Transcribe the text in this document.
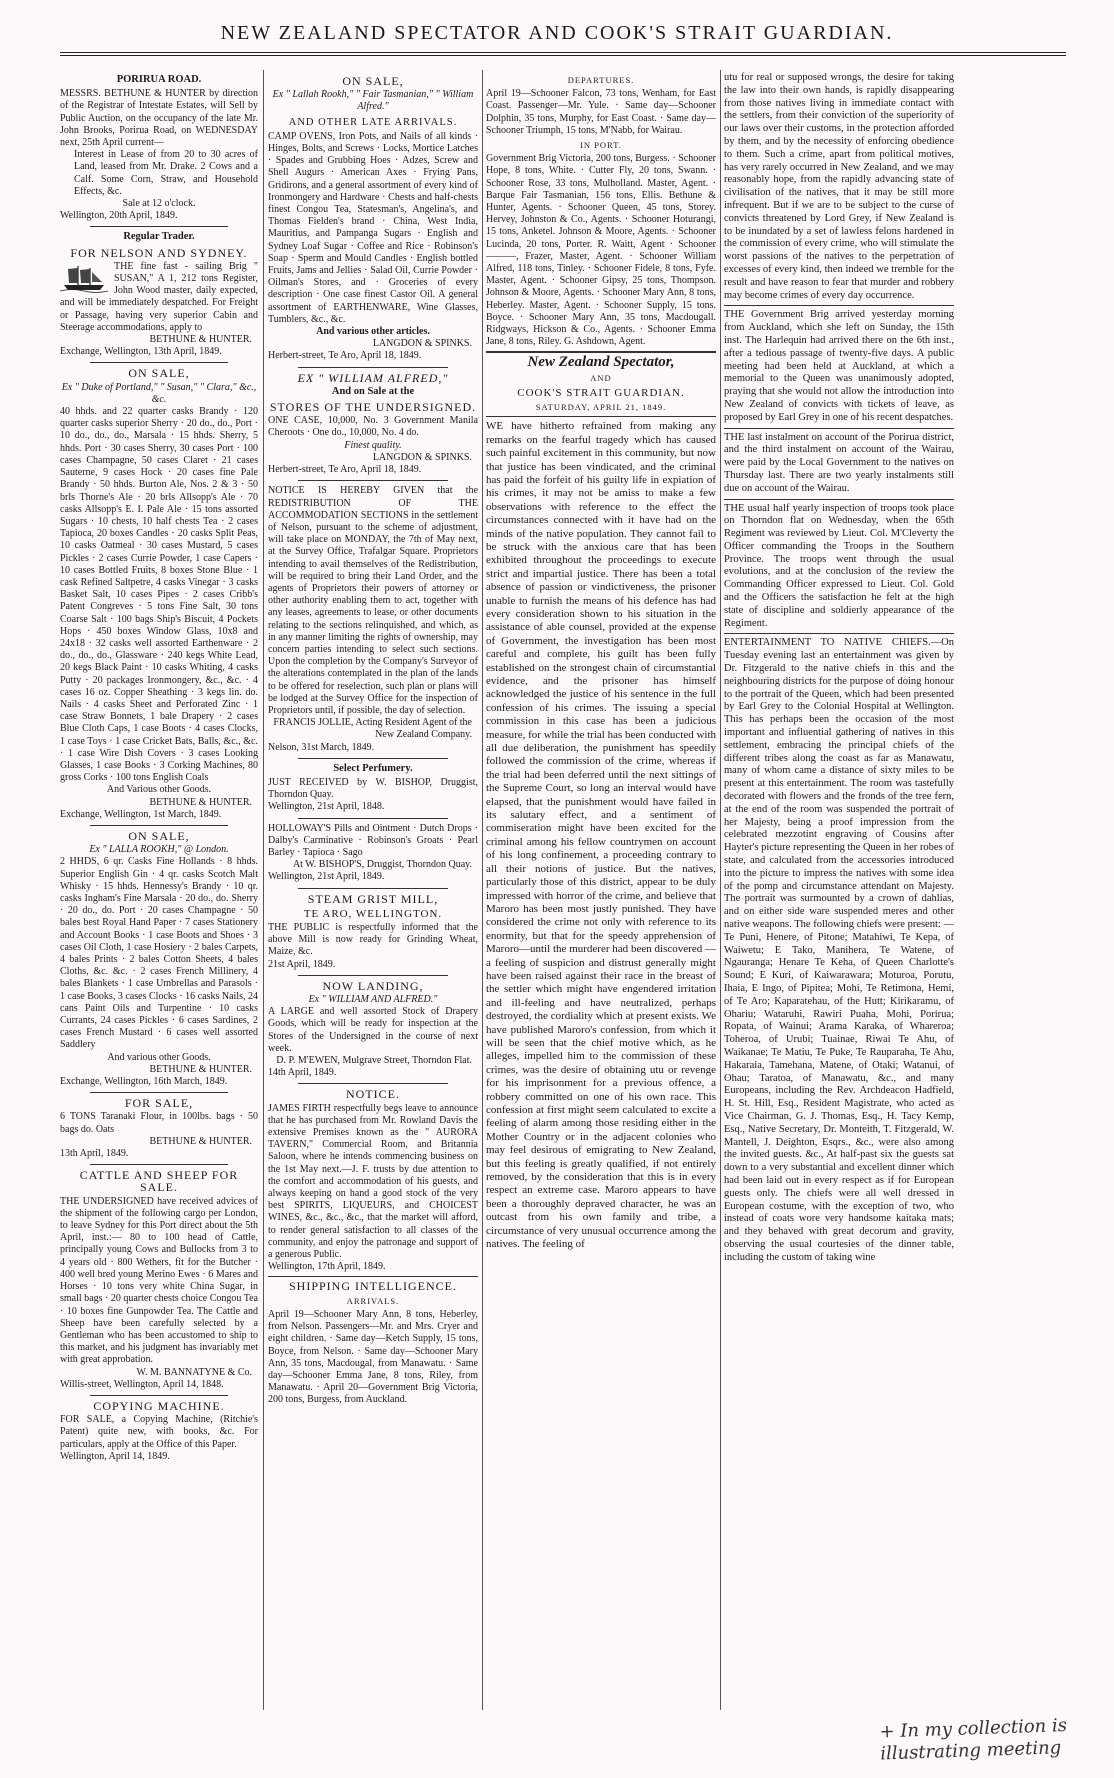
NEW ZEALAND SPECTATOR AND COOK'S STRAIT GUARDIAN.
PORIRUA ROAD.

MESSRS. BETHUNE & HUNTER by direction of the Registrar of Intestate Estates, will Sell by Public Auction, on the occupancy of the late Mr. John Brooks, Porirua Road, on WEDNESDAY next, 25th April current—

Interest in Lease of from 20 to 30 acres of Land, leased from Mr. Drake. 2 Cows and a Calf. Some Corn, Straw, and Household Effects, &c.

Sale at 12 o'clock.

Wellington, 20th April, 1849.

Regular Trader.
FOR NELSON AND SYDNEY.

THE fine fast - sailing Brig " SUSAN," A 1, 212 tons Register, John Wood master, daily expected, and will be immediately despatched. For Freight or Passage, having very superior Cabin and Steerage accommodations, apply to

BETHUNE & HUNTER.

Exchange, Wellington, 13th April, 1849.

ON SALE,

Ex " Duke of Portland," " Susan," " Clara," &c., &c.

40 hhds. and 22 quarter casks Brandy · 120 quarter casks superior Sherry · 20 do., do., Port · 10 do., do., do., Marsala · 15 hhds. Sherry, 5 hhds. Port · 30 cases Sherry, 30 cases Port · 100 cases Champagne, 50 cases Claret · 21 cases Sauterne, 9 cases Hock · 20 cases fine Pale Brandy · 50 hhds. Burton Ale, Nos. 2 & 3 · 50 brls Thorne's Ale · 20 brls Allsopp's Ale · 70 casks Allsopp's E. I. Pale Ale · 15 tons assorted Sugars · 10 chests, 10 half chests Tea · 2 cases Tapioca, 20 boxes Candles · 20 casks Split Peas, 10 casks Oatmeal · 30 cases Mustard, 5 cases Pickles · 2 cases Currie Powder, 1 case Capers · 10 cases Bottled Fruits, 8 boxes Stone Blue · 1 cask Refined Saltpetre, 4 casks Vinegar · 3 casks Basket Salt, 10 cases Pipes · 2 cases Cribb's Patent Congreves · 5 tons Fine Salt, 30 tons Coarse Salt · 100 bags Ship's Biscuit, 4 Pockets Hops · 450 boxes Window Glass, 10x8 and 24x18 · 32 casks well assorted Earthenware · 2 do., do., do., Glassware · 240 kegs White Lead, 20 kegs Black Paint · 10 casks Whiting, 4 casks Putty · 20 packages Ironmongery, &c., &c. · 4 cases 16 oz. Copper Sheathing · 3 kegs lin. do. Nails · 4 casks Sheet and Perforated Zinc · 1 case Straw Bonnets, 1 bale Drapery · 2 cases Blue Cloth Caps, 1 case Boots · 4 cases Clocks, 1 case Toys · 1 case Cricket Bats, Balls, &c., &c. · 1 case Wire Dish Covers · 3 cases Looking Glasses, 1 case Books · 3 Corking Machines, 80 gross Corks · 100 tons English Coals

And Various other Goods.

BETHUNE & HUNTER.

Exchange, Wellington, 1st March, 1849.

ON SALE,

Ex " LALLA ROOKH," @ London.

2 HHDS, 6 qr. Casks Fine Hollands · 8 hhds. Superior English Gin · 4 qr. casks Scotch Malt Whisky · 15 hhds. Hennessy's Brandy · 10 qr. casks Ingham's Fine Marsala · 20 do., do. Sherry · 20 do., do. Port · 20 cases Champagne · 50 bales best Royal Hand Paper · 7 cases Stationery and Account Books · 1 case Boots and Shoes · 3 cases Oil Cloth, 1 case Hosiery · 2 bales Carpets, 4 bales Prints · 2 bales Cotton Sheets, 4 bales Cloths, &c. &c. · 2 cases French Millinery, 4 bales Blankets · 1 case Umbrellas and Parasols · 1 case Books, 3 cases Clocks · 16 casks Nails, 24 cans Paint Oils and Turpentine · 10 casks Currants, 24 cases Pickles · 6 cases Sardines, 2 cases French Mustard · 6 cases well assorted Saddlery

And various other Goods.

BETHUNE & HUNTER.

Exchange, Wellington, 16th March, 1849.

FOR SALE,

6 TONS Taranaki Flour, in 100lbs. bags · 50 bags do. Oats

BETHUNE & HUNTER.

13th April, 1849.

CATTLE AND SHEEP FOR SALE.

THE UNDERSIGNED have received advices of the shipment of the following cargo per London, to leave Sydney for this Port direct about the 5th April, inst.:— 80 to 100 head of Cattle, principally young Cows and Bullocks from 3 to 4 years old · 800 Wethers, fit for the Butcher · 400 well bred young Merino Ewes · 6 Mares and Horses · 10 tons very white China Sugar, in small bags · 20 quarter chests choice Congou Tea · 10 boxes fine Gunpowder Tea. The Cattle and Sheep have been carefully selected by a Gentleman who has been accustomed to ship to this market, and his judgment has invariably met with great approbation.

W. M. BANNATYNE & Co.

Willis-street, Wellington, April 14, 1848.

COPYING MACHINE.

FOR SALE, a Copying Machine, (Ritchie's Patent) quite new, with books, &c. For particulars, apply at the Office of this Paper.

Wellington, April 14, 1849.

ON SALE,

Ex " Lallah Rookh," " Fair Tasmanian," " William Alfred."

AND OTHER LATE ARRIVALS.

CAMP OVENS, Iron Pots, and Nails of all kinds · Hinges, Bolts, and Screws · Locks, Mortice Latches · Spades and Grubbing Hoes · Adzes, Screw and Shell Augurs · American Axes · Frying Pans, Gridirons, and a general assortment of every kind of Ironmongery and Hardware · Chests and half-chests finest Congou Tea, Statesman's, Angelina's, and Thomas Fielden's brand · China, West India, Mauritius, and Pampanga Sugars · English and Sydney Loaf Sugar · Coffee and Rice · Robinson's Soap · Sperm and Mould Candles · English bottled Fruits, Jams and Jellies · Salad Oil, Currie Powder · Oilman's Stores, and · Groceries of every description · One case finest Castor Oil. A general assortment of EARTHENWARE, Wine Glasses, Tumblers, &c., &c.

And various other articles.

LANGDON & SPINKS.

Herbert-street, Te Aro, April 18, 1849.

EX " WILLIAM ALFRED,"
And on Sale at the
STORES OF THE UNDERSIGNED.

ONE CASE, 10,000, No. 3 Government Manila Cheroots · One do., 10,000, No. 4 do.

Finest quality.

LANGDON & SPINKS.

Herbert-street, Te Aro, April 18, 1849.

NOTICE IS HEREBY GIVEN that the REDISTRIBUTION OF THE ACCOMMODATION SECTIONS in the settlement of Nelson, pursuant to the scheme of adjustment, will take place on MONDAY, the 7th of May next, at the Survey Office, Trafalgar Square. Proprietors intending to avail themselves of the Redistribution, will be required to bring their Land Order, and the agents of Proprietors their powers of attorney or other authority enabling them to act, together with any leases, agreements to lease, or other documents relating to the sections relinquished, and which, as in any manner limiting the rights of ownership, may concern parties intending to select such sections. Upon the completion by the Company's Surveyor of the alterations contemplated in the plan of the lands to be offered for reselection, such plan or plans will be lodged at the Survey Office for the inspection of Proprietors until, if possible, the day of selection.

FRANCIS JOLLIE, Acting Resident Agent of the New Zealand Company.

Nelson, 31st March, 1849.

Select Perfumery.

JUST RECEIVED by W. BISHOP, Druggist, Thorndon Quay.

Wellington, 21st April, 1848.

HOLLOWAY'S Pills and Ointment · Dutch Drops · Dalby's Carminative · Robinson's Groats · Pearl Barley · Tapioca · Sago

At W. BISHOP'S, Druggist, Thorndon Quay.

Wellington, 21st April, 1849.

STEAM GRIST MILL,
TE ARO, WELLINGTON.

THE PUBLIC is respectfully informed that the above Mill is now ready for Grinding Wheat, Maize, &c.

21st April, 1849.

NOW LANDING,

Ex " WILLIAM AND ALFRED."

A LARGE and well assorted Stock of Drapery Goods, which will be ready for inspection at the Stores of the Undersigned in the course of next week.

D. P. M'EWEN, Mulgrave Street, Thorndon Flat.

14th April, 1849.

NOTICE.

JAMES FIRTH respectfully begs leave to announce that he has purchased from Mr. Rowland Davis the extensive Premises known as the " AURORA TAVERN," Commercial Room, and Britannia Saloon, where he intends commencing business on the 1st May next.—J. F. trusts by due attention to the comfort and accommodation of his guests, and always keeping on hand a good stock of the very best SPIRITS, LIQUEURS, and CHOICEST WINES, &c., &c., &c., that the market will afford, to render general satisfaction to all classes of the community, and enjoy the patronage and support of a generous Public.

Wellington, 17th April, 1849.

SHIPPING INTELLIGENCE.
ARRIVALS.

April 19—Schooner Mary Ann, 8 tons, Heberley, from Nelson. Passengers—Mr. and Mrs. Cryer and eight children. · Same day—Ketch Supply, 15 tons, Boyce, from Nelson. · Same day—Schooner Mary Ann, 35 tons, Macdougal, from Manawatu. · Same day—Schooner Emma Jane, 8 tons, Riley, from Manawatu. · April 20—Government Brig Victoria, 200 tons, Burgess, from Auckland.

DEPARTURES.

April 19—Schooner Falcon, 73 tons, Wenham, for East Coast. Passenger—Mr. Yule. · Same day—Schooner Dolphin, 35 tons, Murphy, for East Coast. · Same day—Schooner Triumph, 15 tons, M'Nabb, for Wairau.

IN PORT.

Government Brig Victoria, 200 tons, Burgess. · Schooner Hope, 8 tons, White. · Cutter Fly, 20 tons, Swann. · Schooner Rose, 33 tons, Mulholland. Master, Agent. · Barque Fair Tasmanian, 156 tons, Ellis. Bethune & Hunter, Agents. · Schooner Queen, 45 tons, Storey. Hervey, Johnston & Co., Agents. · Schooner Hoturangi, 15 tons, Anketel. Johnson & Moore, Agents. · Schooner Lucinda, 20 tons, Porter. R. Waitt, Agent · Schooner ———, Frazer, Master, Agent. · Schooner William Alfred, 118 tons, Tinley. · Schooner Fidele, 8 tons, Fyfe. Master, Agent. · Schooner Gipsy, 25 tons, Thompson. Johnson & Moore, Agents. · Schooner Mary Ann, 8 tons, Heberley. Master, Agent. · Schooner Supply, 15 tons. Boyce. · Schooner Mary Ann, 35 tons, Macdougall. Ridgways, Hickson & Co., Agents. · Schooner Emma Jane, 8 tons, Riley. G. Ashdown, Agent.

New Zealand Spectator,
AND
COOK'S STRAIT GUARDIAN.
SATURDAY, APRIL 21, 1849.

WE have hitherto refrained from making any remarks on the fearful tragedy which has caused such painful excitement in this community, but now that justice has been vindicated, and the criminal has paid the forfeit of his guilty life in expiation of his crimes, it may not be amiss to make a few observations with reference to the effect the circumstances connected with it have had on the minds of the native population. They cannot fail to be struck with the anxious care that has been exhibited throughout the proceedings to execute strict and impartial justice. There has been a total absence of passion or vindictiveness, the prisoner unable to furnish the means of his defence has had every consideration shown to his situation in the assistance of able counsel, provided at the expense of Government, the investigation has been most careful and complete, his guilt has been fully established on the strongest chain of circumstantial evidence, and the prisoner has himself acknowledged the justice of his sentence in the full confession of his crimes. The issuing a special commission in this case has been a judicious measure, for while the trial has been conducted with all due deliberation, the punishment has speedily followed the commission of the crime, whereas if the trial had been deferred until the next sittings of the Supreme Court, so long an interval would have elapsed, that the punishment would have failed in its salutary effect, and a sentiment of commiseration might have been excited for the criminal among his fellow countrymen on account of his long confinement, a proceeding contrary to all their notions of justice. But the natives, particularly those of this district, appear to be duly impressed with horror of the crime, and believe that Maroro has been most justly punished. They have considered the crime not only with reference to its enormity, but that for the speedy apprehension of Maroro—until the murderer had been discovered — a feeling of suspicion and distrust generally might have been raised against their race in the breast of the settler which might have engendered irritation and ill-feeling and have neutralized, perhaps destroyed, the cordiality which at present exists. We have published Maroro's confession, from which it will be seen that the chief motive which, as he alleges, impelled him to the commission of these crimes, was the desire of obtaining utu or revenge for his imprisonment for a previous offence, a robbery committed on one of his own race. This confession at first might seem calculated to excite a feeling of alarm among those residing either in the Mother Country or in the adjacent colonies who may feel desirous of emigrating to New Zealand, but this feeling is greatly qualified, if not entirely removed, by the consideration that this is in every respect an extreme case. Maroro appears to have been a thoroughly depraved character, he was an outcast from his own family and tribe, a circumstance of very unusual occurrence among the natives. The feeling of

utu for real or supposed wrongs, the desire for taking the law into their own hands, is rapidly disappearing from those natives living in immediate contact with the settlers, from their conviction of the superiority of our laws over their customs, in the protection afforded by them, and by the necessity of enforcing obedience to them. Such a crime, apart from political motives, has very rarely occurred in New Zealand, and we may reasonably hope, from the rapidly advancing state of civilisation of the natives, that it may be still more infrequent. But if we are to be subject to the curse of convicts threatened by Lord Grey, if New Zealand is to be inundated by a set of lawless felons hardened in the commission of every crime, who will stimulate the worst passions of the natives to the perpetration of excesses of every kind, then indeed we tremble for the result and have reason to fear that murder and robbery may become crimes of every day occurrence.

THE Government Brig arrived yesterday morning from Auckland, which she left on Sunday, the 15th inst. The Harlequin had arrived there on the 6th inst., after a tedious passage of twenty-five days. A public meeting had been held at Auckland, at which a memorial to the Queen was unanimously adopted, praying that she would not allow the introduction into New Zealand of convicts with tickets of leave, as proposed by Earl Grey in one of his recent despatches.

THE last instalment on account of the Porirua district, and the third instalment on account of the Wairau, were paid by the Local Government to the natives on Thursday last. There are two yearly instalments still due on account of the Wairau.

THE usual half yearly inspection of troops took place on Thorndon flat on Wednesday, when the 65th Regiment was reviewed by Lieut. Col. M'Cleverty the Officer commanding the Troops in the Southern Province. The troops went through the usual evolutions, and at the conclusion of the review the Commanding Officer expressed to Lieut. Col. Gold and the Officers the satisfaction he felt at the high state of discipline and soldierly appearance of the Regiment.

ENTERTAINMENT TO NATIVE CHIEFS.—On Tuesday evening last an entertainment was given by Dr. Fitzgerald to the native chiefs in this and the neighbouring districts for the purpose of doing honour to the portrait of the Queen, which had been presented by Earl Grey to the Colonial Hospital at Wellington. This has perhaps been the occasion of the most important and influential gathering of natives in this settlement, embracing the principal chiefs of the different tribes along the coast as far as Manawatu, many of whom came a distance of sixty miles to be present at this entertainment. The room was tastefully decorated with flowers and the fronds of the tree fern, at the end of the room was suspended the portrait of her Majesty, being a proof impression from the celebrated mezzotint engraving of Cousins after Hayter's picture representing the Queen in her robes of state, and calculated from the accessories introduced into the picture to impress the natives with some idea of the pomp and circumstance attendant on Majesty. The portrait was surmounted by a crown of dahlias, and on either side ware suspended meres and other native weapons. The following chiefs were present: —Te Puni, Henere, of Pitone; Matahiwi, Te Kepa, of Waiwetu; E Tako, Manihera, Te Watene, of Ngauranga; Henare Te Keha, of Queen Charlotte's Sound; E Kuri, of Kaiwarawara; Moturoa, Porutu, Ihaia, E Ingo, of Pipitea; Mohi, Te Retimona, Hemi, of Te Aro; Kaparatehau, of the Hutt; Kirikaramu, of Ohariu; Wataruhi, Rawiri Puaha, Mohi, Porirua; Ropata, of Wainui; Arama Karaka, of Whareroa; Toheroa, of Urubi; Tuainae, Riwai Te Ahu, of Waikanae; Te Matiu, Te Puke, Te Rauparaha, Te Ahu, Hakaraia, Tamehana, Matene, of Otaki; Watanui, of Ohau; Taratoa, of Manawatu, &c., and many Europeans, including the Rev. Archdeacon Hadfield, H. St. Hill, Esq., Resident Magistrate, who acted as Vice Chairman, G. J. Thomas, Esq., H. Tacy Kemp, Esq., Native Secretary, Dr. Monteith, T. Fitzgerald, W. Mantell, J. Deighton, Esqrs., &c., were also among the invited guests. &c., At half-past six the guests sat down to a very substantial and excellent dinner which had been laid out in every respect as if for European guests only. The chiefs were all well dressed in European costume, with the exception of two, who instead of coats wore very handsome kaitaka mats; and they behaved with great decorum and gravity, observing the usual courtesies of the dinner table, including the custom of taking wine

+ In my collection is illustrating meeting
